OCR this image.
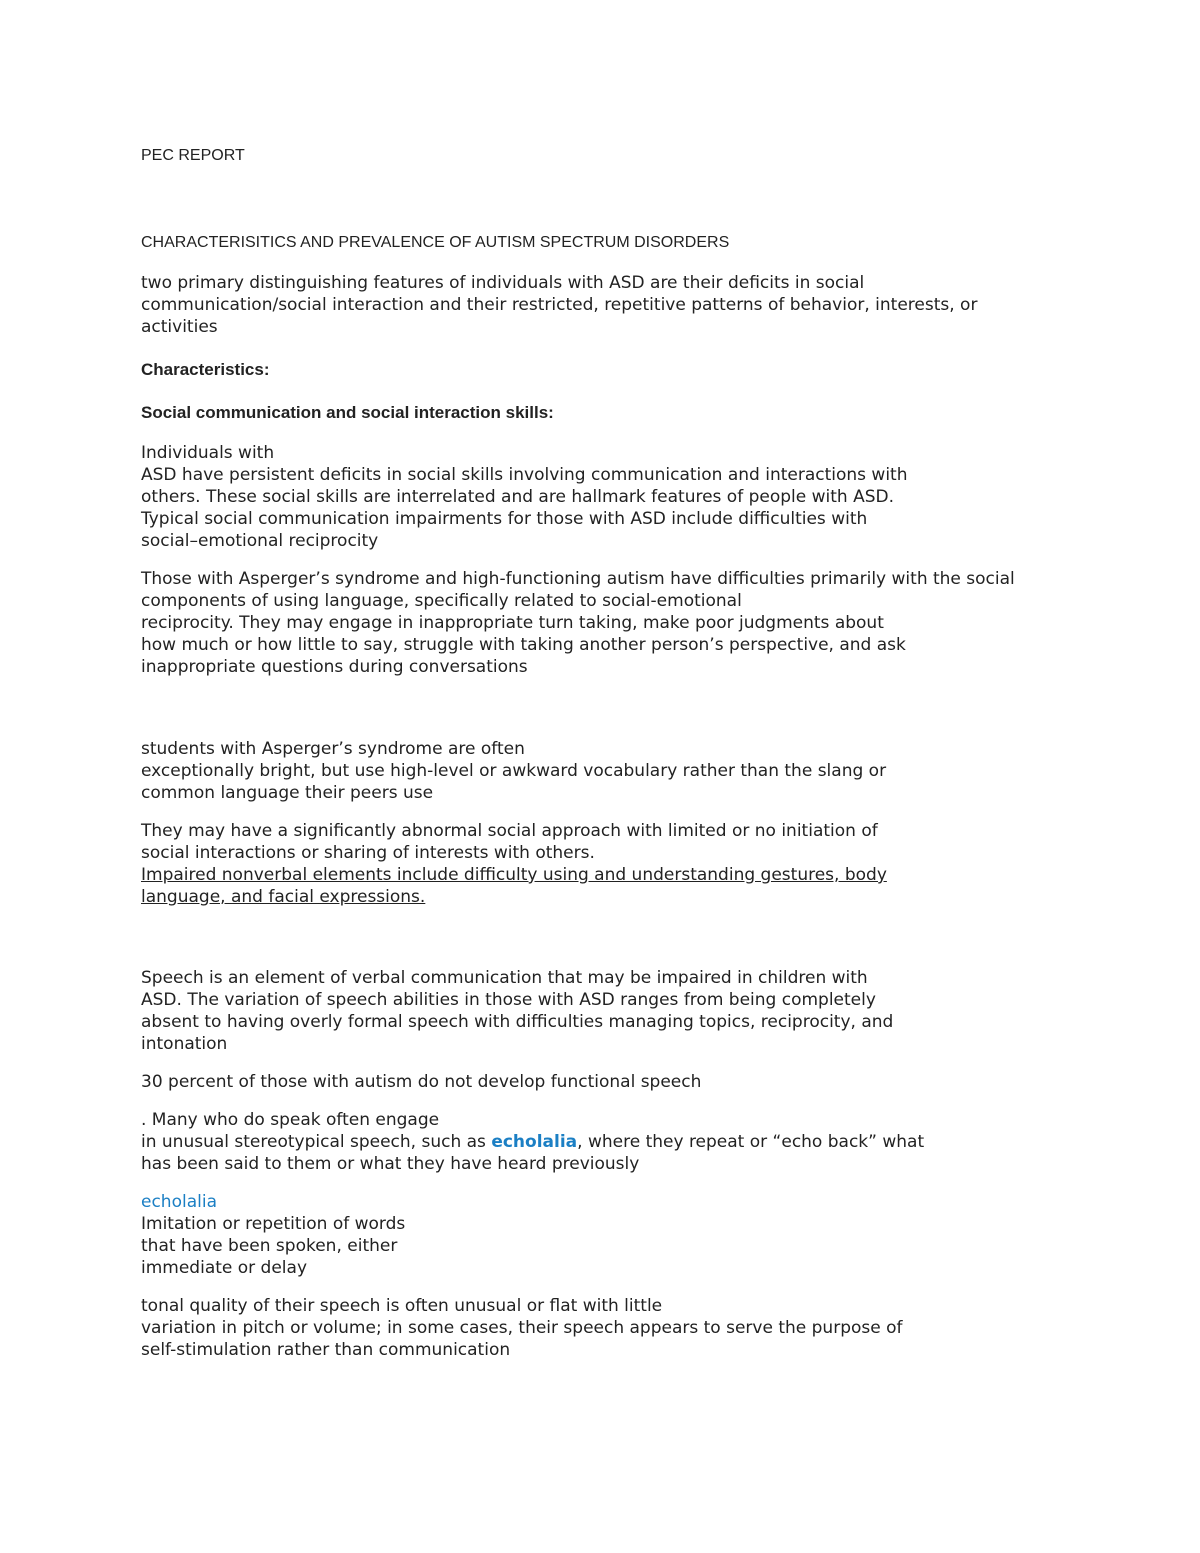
PEC REPORT
CHARACTERISITICS AND PREVALENCE OF AUTISM SPECTRUM DISORDERS
two primary distinguishing features of individuals with ASD are their deficits in social
communication/social interaction and their restricted, repetitive patterns of behavior, interests, or
activities
Characteristics:
Social communication and social interaction skills:
Individuals with
ASD have persistent deficits in social skills involving communication and interactions with
others. These social skills are interrelated and are hallmark features of people with ASD.
Typical social communication impairments for those with ASD include difficulties with
social–emotional reciprocity
Those with Asperger’s syndrome and high-functioning autism have difficulties primarily with the social
components of using language, specifically related to social-emotional
reciprocity. They may engage in inappropriate turn taking, make poor judgments about
how much or how little to say, struggle with taking another person’s perspective, and ask
inappropriate questions during conversations
students with Asperger’s syndrome are often
exceptionally bright, but use high-level or awkward vocabulary rather than the slang or
common language their peers use
They may have a significantly abnormal social approach with limited or no initiation of
social interactions or sharing of interests with others.
Impaired nonverbal elements include difficulty using and understanding gestures, body
language, and facial expressions.
Speech is an element of verbal communication that may be impaired in children with
ASD. The variation of speech abilities in those with ASD ranges from being completely
absent to having overly formal speech with difficulties managing topics, reciprocity, and
intonation
30 percent of those with autism do not develop functional speech
. Many who do speak often engage
in unusual stereotypical speech, such as echolalia, where they repeat or “echo back” what
has been said to them or what they have heard previously
echolalia
Imitation or repetition of words
that have been spoken, either
immediate or delay
tonal quality of their speech is often unusual or flat with little
variation in pitch or volume; in some cases, their speech appears to serve the purpose of
self-stimulation rather than communication
